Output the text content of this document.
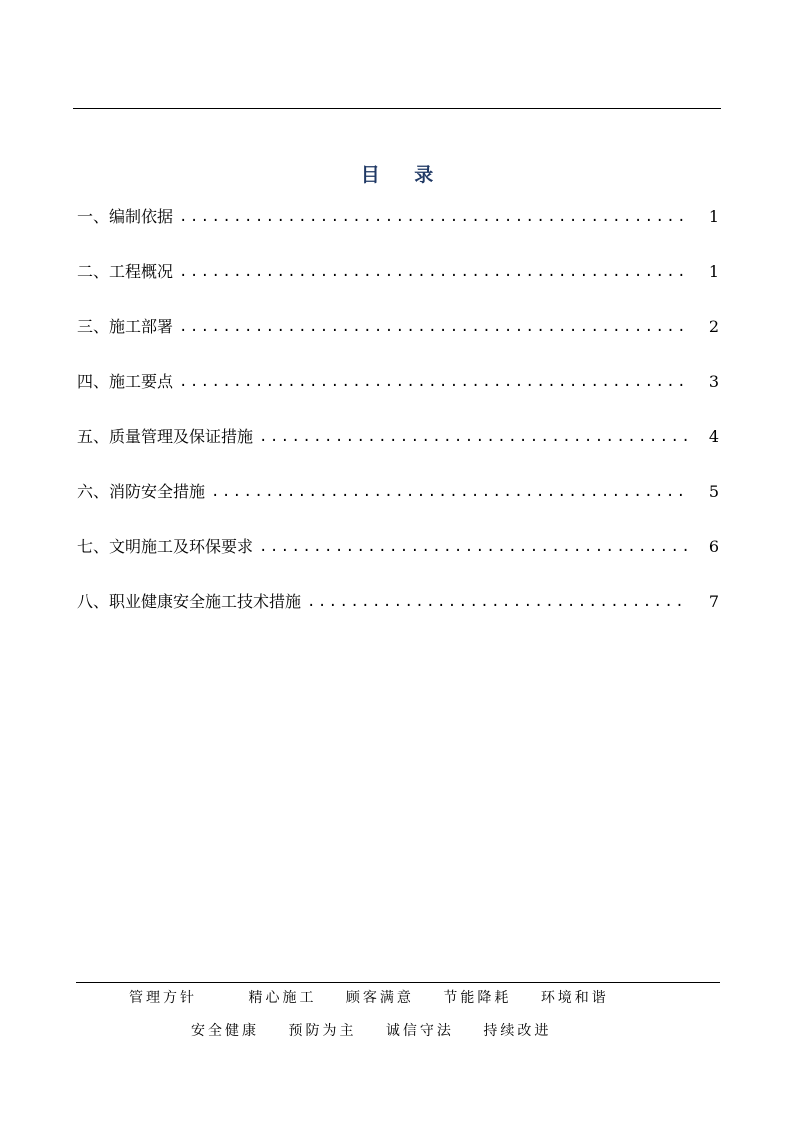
目 录
一、编制依据 .....	1
二、工程概况 .....	1
三、施工部署 .....	2
四、施工要点 .....	3
五、质量管理及保证措施 .....	4
六、消防安全措施 .....	5
七、文明施工及环保要求 .....	6
八、职业健康安全施工技术措施 .....	7
管理方针	精心施工 顾客满意 节能降耗 环境和谐
安全健康 预防为主 诚信守法 持续改进
